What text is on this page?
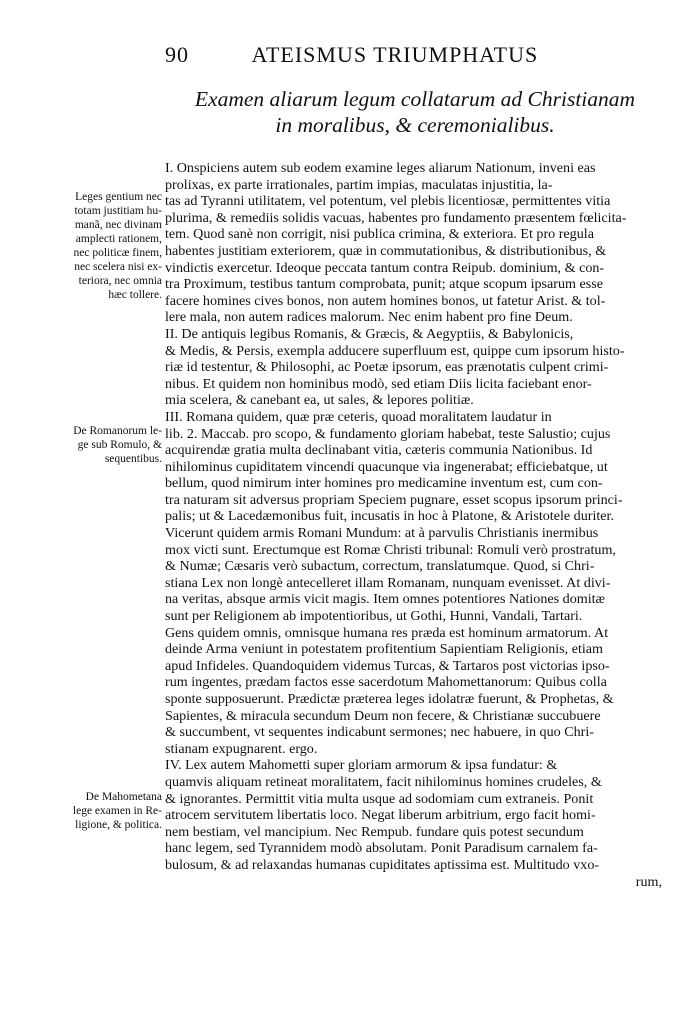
90	ATEISMUS TRIUMPHATUS
Examen aliarum legum collatarum ad Christianam
in moralibus, & ceremonialibus.
Leges gentium nec
totam justitiam hu-
manã, nec divinam
amplecti rationem,
nec politicæ finem,
nec scelera nisi ex-
teriora, nec omnia
hæc tollere.
De Romanorum le-
ge sub Romulo, &
sequentibus.
De Mahometana
lege examen in Re-
ligione, & politica.
I. Onspiciens autem sub eodem examine leges aliarum Nationum, inveni eas
prolixas, ex parte irrationales, partim impias, maculatas injustitia, la-
tas ad Tyranni utilitatem, vel potentum, vel plebis licentiosæ, permittentes vitia
plurima, & remediis solidis vacuas, habentes pro fundamento præsentem fœlicita-
tem. Quod sanè non corrigit, nisi publica crimina, & exteriora. Et pro regula
habentes justitiam exteriorem, quæ in commutationibus, & distributionibus, &
vindictis exercetur. Ideoque peccata tantum contra Reipub. dominium, & con-
tra Proximum, testibus tantum comprobata, punit; atque scopum ipsarum esse
facere homines cives bonos, non autem homines bonos, ut fatetur Arist. & tol-
lere mala, non autem radices malorum. Nec enim habent pro fine Deum.
II. De antiquis legibus Romanis, & Græcis, & Aegyptiis, & Babylonicis,
& Medis, & Persis, exempla adducere superfluum est, quippe cum ipsorum histo-
riæ id testentur, & Philosophi, ac Poetæ ipsorum, eas prænotatis culpent crimi-
nibus. Et quidem non hominibus modò, sed etiam Diis licita faciebant enor-
mia scelera, & canebant ea, ut sales, & lepores politiæ.
III. Romana quidem, quæ præ ceteris, quoad moralitatem laudatur in
lib. 2. Maccab. pro scopo, & fundamento gloriam habebat, teste Salustio; cujus
acquirendæ gratia multa declinabant vitia, cæteris communia Nationibus. Id
nihilominus cupiditatem vincendi quacunque via ingenerabat; efficiebatque, ut
bellum, quod nimirum inter homines pro medicamine inventum est, cum con-
tra naturam sit adversus propriam Speciem pugnare, esset scopus ipsorum princi-
palis; ut & Lacedæmonibus fuit, incusatis in hoc à Platone, & Aristotele duriter.
Vicerunt quidem armis Romani Mundum: at à parvulis Christianis inermibus
mox victi sunt. Erectumque est Romæ Christi tribunal: Romuli verò prostratum,
& Numæ; Cæsaris verò subactum, correctum, translatumque. Quod, si Chri-
stiana Lex non longè antecelleret illam Romanam, nunquam evenisset. At divi-
na veritas, absque armis vicit magis. Item omnes potentiores Nationes domitæ
sunt per Religionem ab impotentioribus, ut Gothi, Hunni, Vandali, Tartari.
Gens quidem omnis, omnisque humana res præda est hominum armatorum. At
deinde Arma veniunt in potestatem profitentium Sapientiam Religionis, etiam
apud Infideles. Quandoquidem videmus Turcas, & Tartaros post victorias ipso-
rum ingentes, prædam factos esse sacerdotum Mahomettanorum: Quibus colla
sponte supposuerunt. Prædictæ præterea leges idolatræ fuerunt, & Prophetas, &
Sapientes, & miracula secundum Deum non fecere, & Christianæ succubuere
& succumbent, vt sequentes indicabunt sermones; nec habuere, in quo Chri-
stianam expugnarent. ergo.
IV. Lex autem Mahometti super gloriam armorum & ipsa fundatur: &
quamvis aliquam retineat moralitatem, facit nihilominus homines crudeles, &
& ignorantes. Permittit vitia multa usque ad sodomiam cum extraneis. Ponit
atrocem servitutem libertatis loco. Negat liberum arbitrium, ergo facit homi-
nem bestiam, vel mancipium. Nec Rempub. fundare quis potest secundum
hanc legem, sed Tyrannidem modò absolutam. Ponit Paradisum carnalem fa-
bulosum, & ad relaxandas humanas cupiditates aptissima est. Multitudo vxo-
rum,
